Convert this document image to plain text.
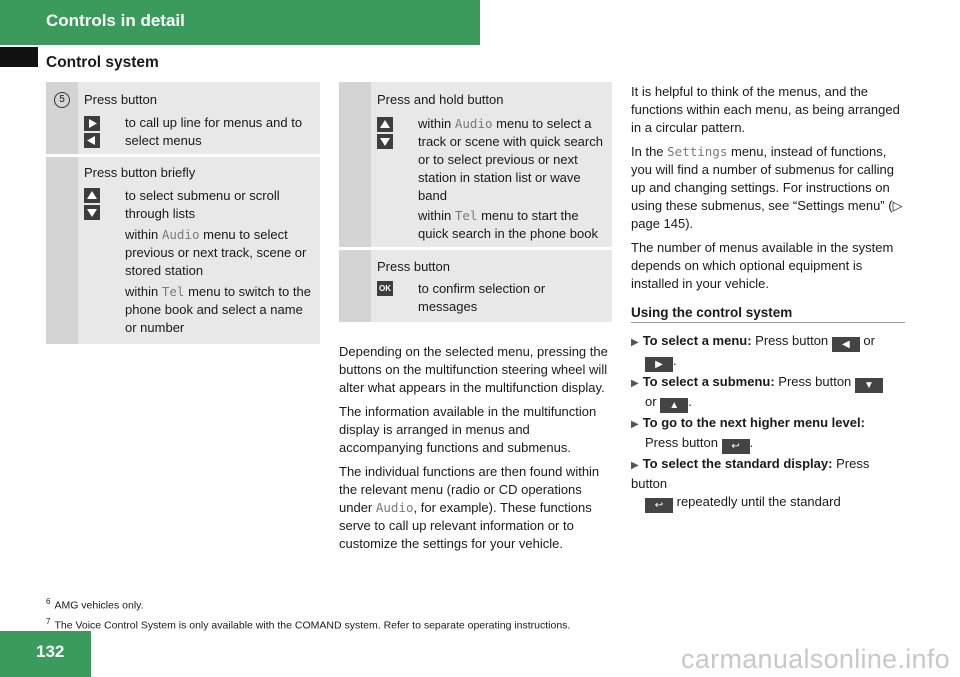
Controls in detail
Control system
5	Press button
to call up line for menus and to select menus
Press button briefly
to select submenu or scroll through lists
within Audio menu to select previous or next track, scene or stored station
within Tel menu to switch to the phone book and select a name or number
Press and hold button
within Audio menu to select a track or scene with quick search or to select previous or next station in station list or wave band
within Tel menu to start the quick search in the phone book
Press button
OK to confirm selection or messages

Depending on the selected menu, pressing the buttons on the multifunction steering wheel will alter what appears in the multifunction display.

The information available in the multifunction display is arranged in menus and accompanying functions and submenus.

The individual functions are then found within the relevant menu (radio or CD operations under Audio, for example). These functions serve to call up relevant information or to customize the settings for your vehicle.

It is helpful to think of the menus, and the functions within each menu, as being arranged in a circular pattern.

In the Settings menu, instead of functions, you will find a number of submenus for calling up and changing settings. For instructions on using these submenus, see “Settings menu” (▷ page 145).

The number of menus available in the system depends on which optional equipment is installed in your vehicle.

Using the control system
▶ To select a menu: Press button ◀ or
▶ .
▶ To select a submenu: Press button ▼
or ▲ .
▶ To go to the next higher menu level:
Press button ↩ .
▶ To select the standard display: Press button
↩ repeatedly until the standard
$^6$ AMG vehicles only.
$^7$ The Voice Control System is only available with the COMAND system. Refer to separate operating instructions.
132	carmanualsonline.info
